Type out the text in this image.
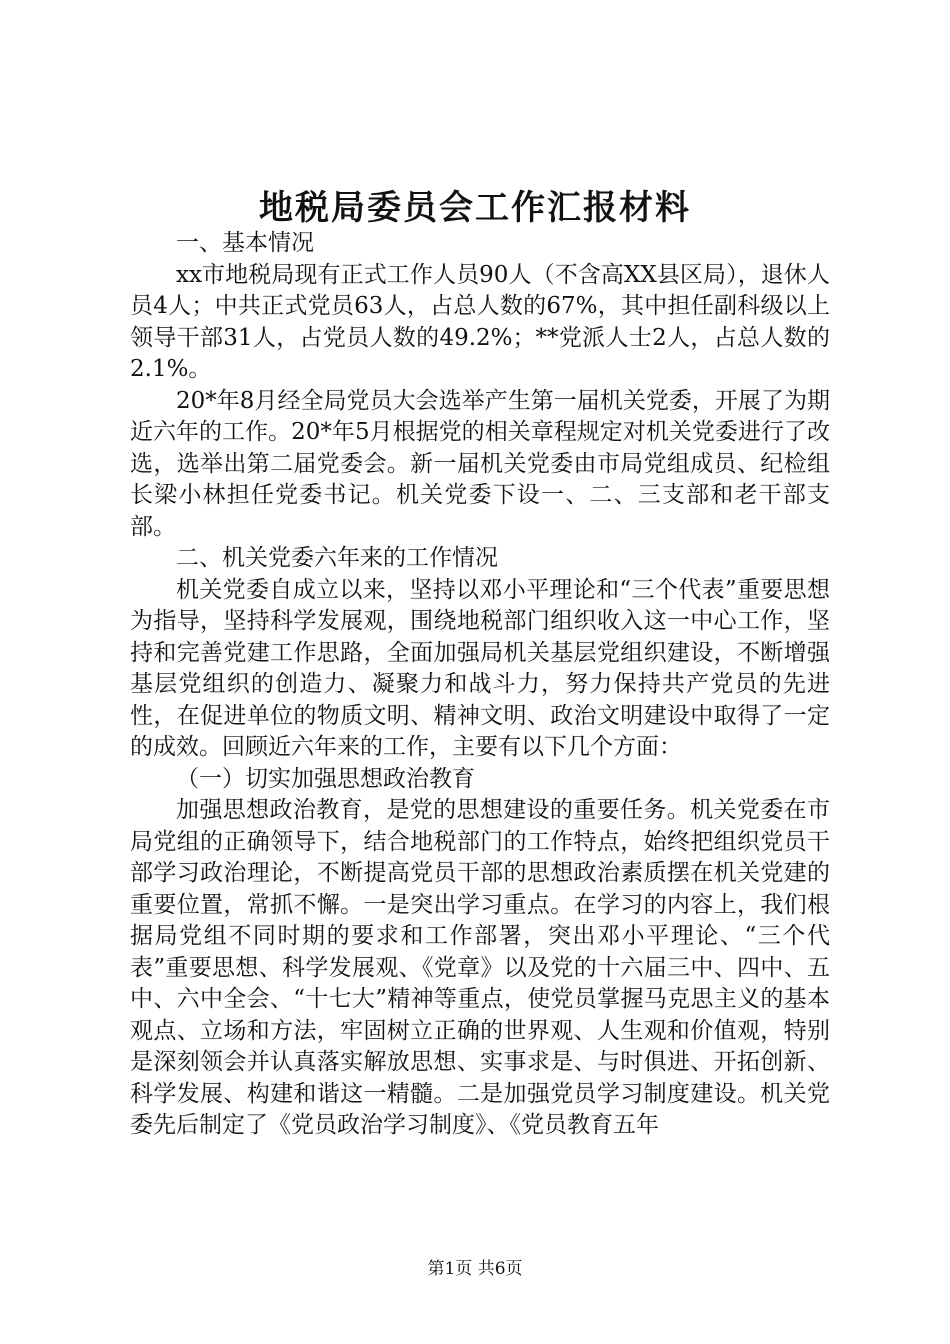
地税局委员会工作汇报材料

一、基本情况

xx市地税局现有正式工作人员90人（不含高XX县区局），退休人员4人；中共正式党员63人，占总人数的67%，其中担任副科级以上领导干部31人，占党员人数的49.2%；**党派人士2人，占总人数的2.1%。

20*年8月经全局党员大会选举产生第一届机关党委，开展了为期近六年的工作。20*年5月根据党的相关章程规定对机关党委进行了改选，选举出第二届党委会。新一届机关党委由市局党组成员、纪检组长梁小林担任党委书记。机关党委下设一、二、三支部和老干部支部。

二、机关党委六年来的工作情况

机关党委自成立以来，坚持以邓小平理论和“三个代表”重要思想为指导，坚持科学发展观，围绕地税部门组织收入这一中心工作，坚持和完善党建工作思路，全面加强局机关基层党组织建设，不断增强基层党组织的创造力、凝聚力和战斗力，努力保持共产党员的先进性，在促进单位的物质文明、精神文明、政治文明建设中取得了一定的成效。回顾近六年来的工作，主要有以下几个方面：

（一）切实加强思想政治教育

加强思想政治教育，是党的思想建设的重要任务。机关党委在市局党组的正确领导下，结合地税部门的工作特点，始终把组织党员干部学习政治理论，不断提高党员干部的思想政治素质摆在机关党建的重要位置，常抓不懈。一是突出学习重点。在学习的内容上，我们根据局党组不同时期的要求和工作部署，突出邓小平理论、“三个代表”重要思想、科学发展观、《党章》以及党的十六届三中、四中、五中、六中全会、“十七大”精神等重点，使党员掌握马克思主义的基本观点、立场和方法，牢固树立正确的世界观、人生观和价值观，特别是深刻领会并认真落实解放思想、实事求是、与时俱进、开拓创新、科学发展、构建和谐这一精髓。二是加强党员学习制度建设。机关党委先后制定了《党员政治学习制度》、《党员教育五年

第1页 共6页
